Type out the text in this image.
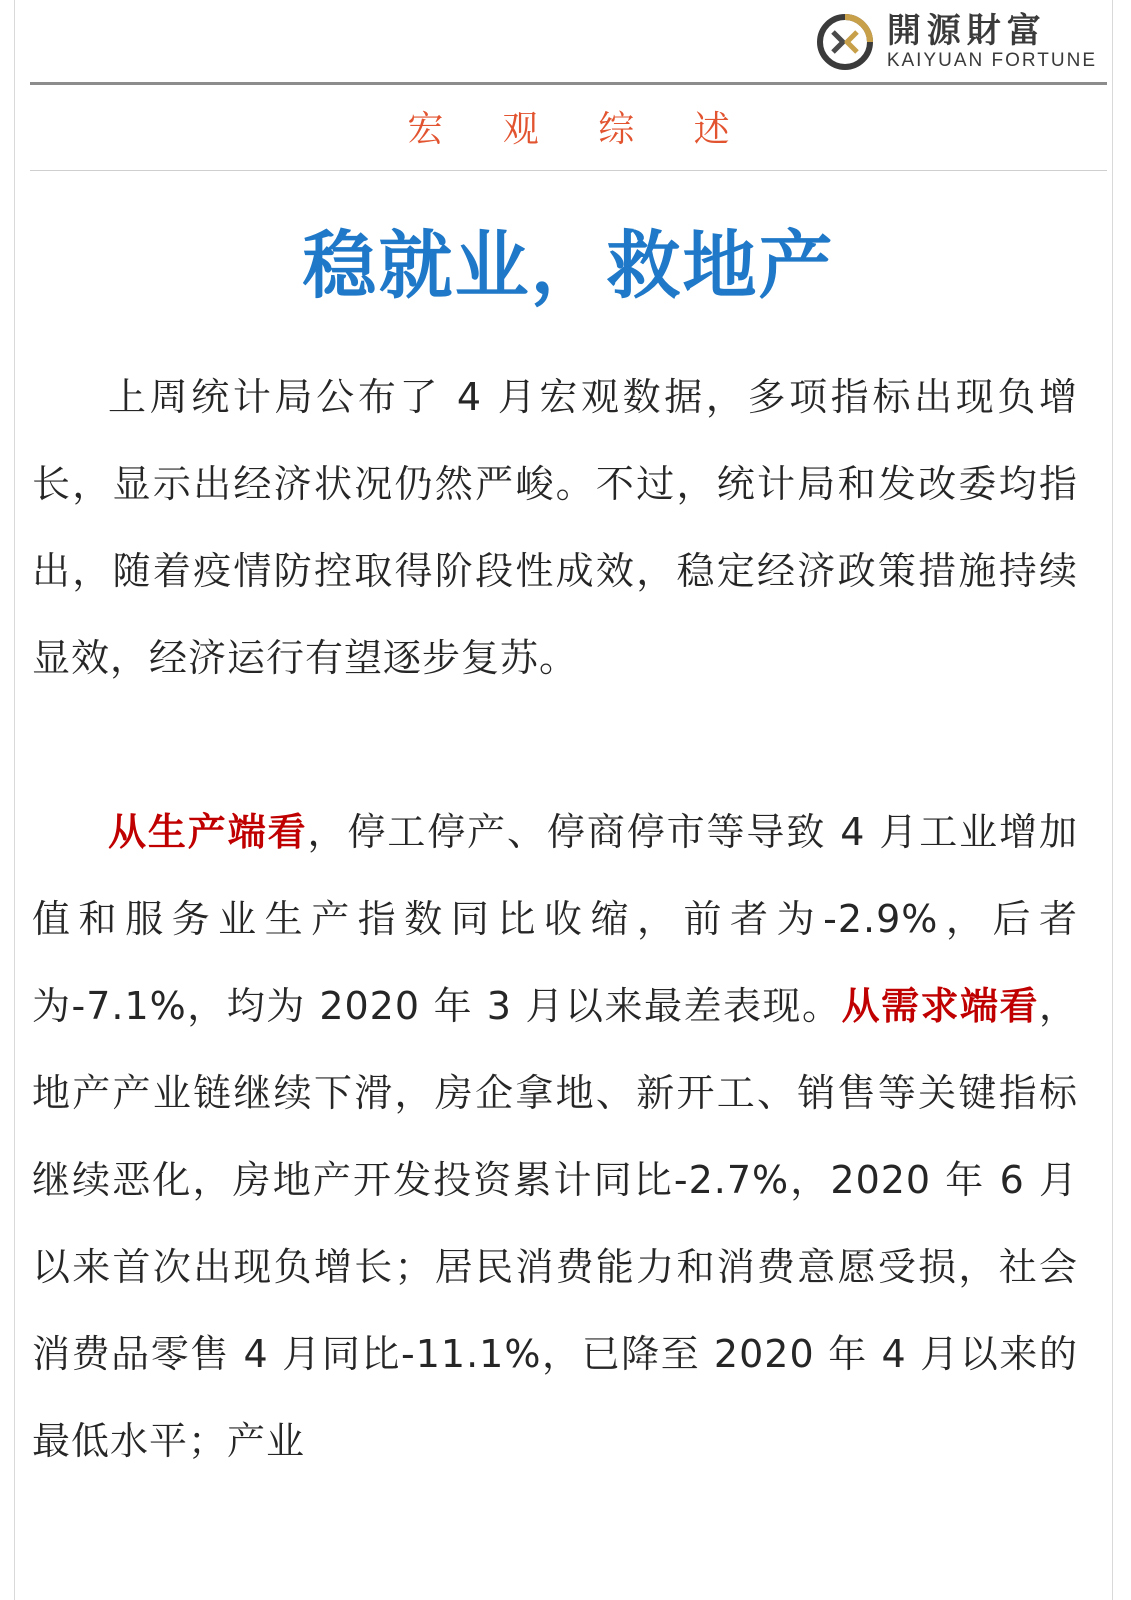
開源財富
KAIYUAN FORTUNE
宏 观 综 述
稳就业，救地产

上周统计局公布了 4 月宏观数据，多项指标出现负增长，显示出经济状况仍然严峻。不过，统计局和发改委均指出，随着疫情防控取得阶段性成效，稳定经济政策措施持续显效，经济运行有望逐步复苏。

从生产端看，停工停产、停商停市等导致 4 月工业增加值和服务业生产指数同比收缩，前者为-2.9%，后者为-7.1%，均为 2020 年 3 月以来最差表现。从需求端看，地产产业链继续下滑，房企拿地、新开工、销售等关键指标继续恶化，房地产开发投资累计同比-2.7%，2020 年 6 月以来首次出现负增长；居民消费能力和消费意愿受损，社会消费品零售 4 月同比-11.1%，已降至 2020 年 4 月以来的最低水平；产业
